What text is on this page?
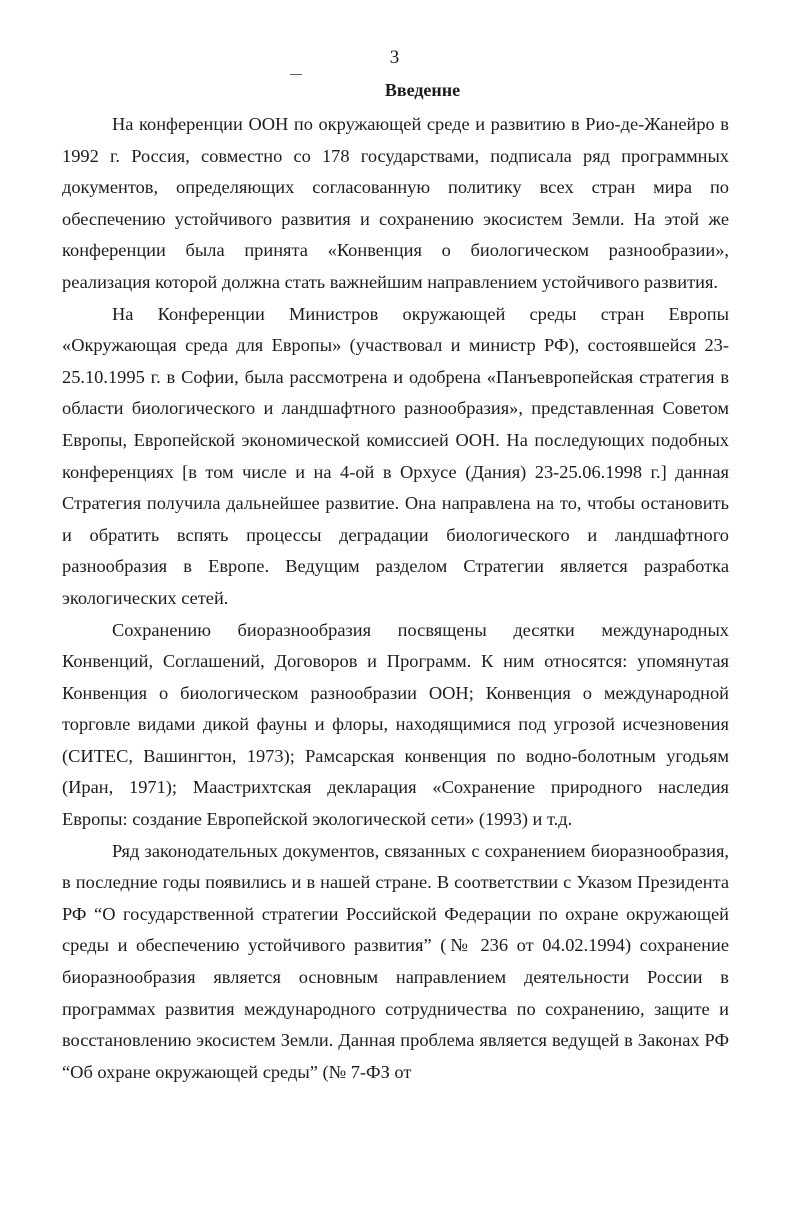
3
Введенне

На конференции ООН по окружающей среде и развитию в Рио-де-Жанейро в 1992 г. Россия, совместно со 178 государствами, подписала ряд программных документов, определяющих согласованную политику всех стран мира по обеспечению устойчивого развития и сохранению экосистем Земли. На этой же конференции была принята «Конвенция о биологическом разнообразии», реализация которой должна стать важнейшим направлением устойчивого развития.

На Конференции Министров окружающей среды стран Европы «Окружающая среда для Европы» (участвовал и министр РФ), состоявшейся 23-25.10.1995 г. в Софии, была рассмотрена и одобрена «Панъевропейская стратегия в области биологического и ландшафтного разнообразия», представленная Советом Европы, Европейской экономической комиссией ООН. На последующих подобных конференциях [в том числе и на 4-ой в Орхусе (Дания) 23-25.06.1998 г.] данная Стратегия получила дальнейшее развитие. Она направлена на то, чтобы остановить и обратить вспять процессы деградации биологического и ландшафтного разнообразия в Европе. Ведущим разделом Стратегии является разработка экологических сетей.

Сохранению биоразнообразия посвящены десятки международных Конвенций, Соглашений, Договоров и Программ. К ним относятся: упомянутая Конвенция о биологическом разнообразии ООН; Конвенция о международной торговле видами дикой фауны и флоры, находящимися под угрозой исчезновения (СИТЕС, Вашингтон, 1973); Рамсарская конвенция по водно-болотным угодьям (Иран, 1971); Маастрихтская декларация «Сохранение природного наследия Европы: создание Европейской экологической сети» (1993) и т.д.

Ряд законодательных документов, связанных с сохранением биоразнообразия, в последние годы появились и в нашей стране. В соответствии с Указом Президента РФ “О государственной стратегии Российской Федерации по охране окружающей среды и обеспечению устойчивого развития” (№ 236 от 04.02.1994) сохранение биоразнообразия является основным направлением деятельности России в программах развития международного сотрудничества по сохранению, защите и восстановлению экосистем Земли. Данная проблема является ведущей в Законах РФ “Об охране окружающей среды” (№ 7-ФЗ от
